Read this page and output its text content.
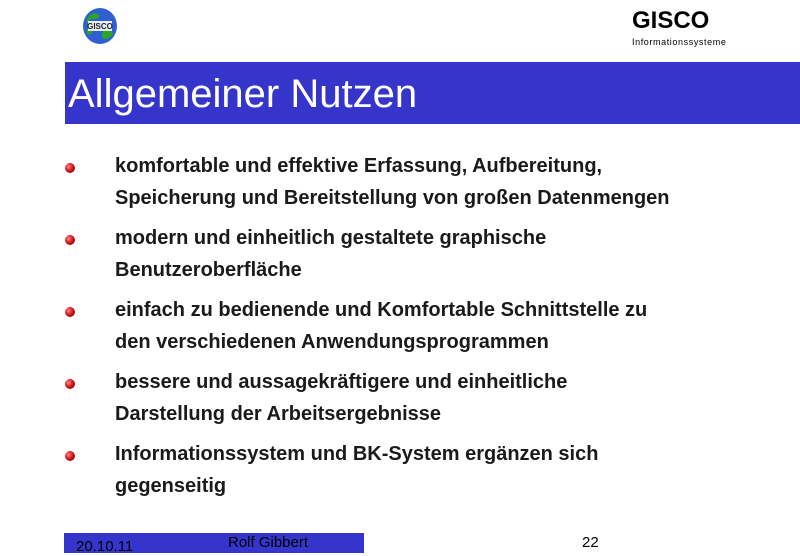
GISCO	GISCO
Informationssysteme
Allgemeiner Nutzen
komfortable und effektive Erfassung, Aufbereitung,
Speicherung und Bereitstellung von großen Datenmengen
modern und einheitlich gestaltete graphische
Benutzeroberfläche
einfach zu bedienende und Komfortable Schnittstelle zu
den verschiedenen Anwendungsprogrammen
bessere und aussagekräftigere und einheitliche
Darstellung der Arbeitsergebnisse
Informationssystem und BK-System ergänzen sich
gegenseitig
20.10.11	Rolf Gibbert	22
